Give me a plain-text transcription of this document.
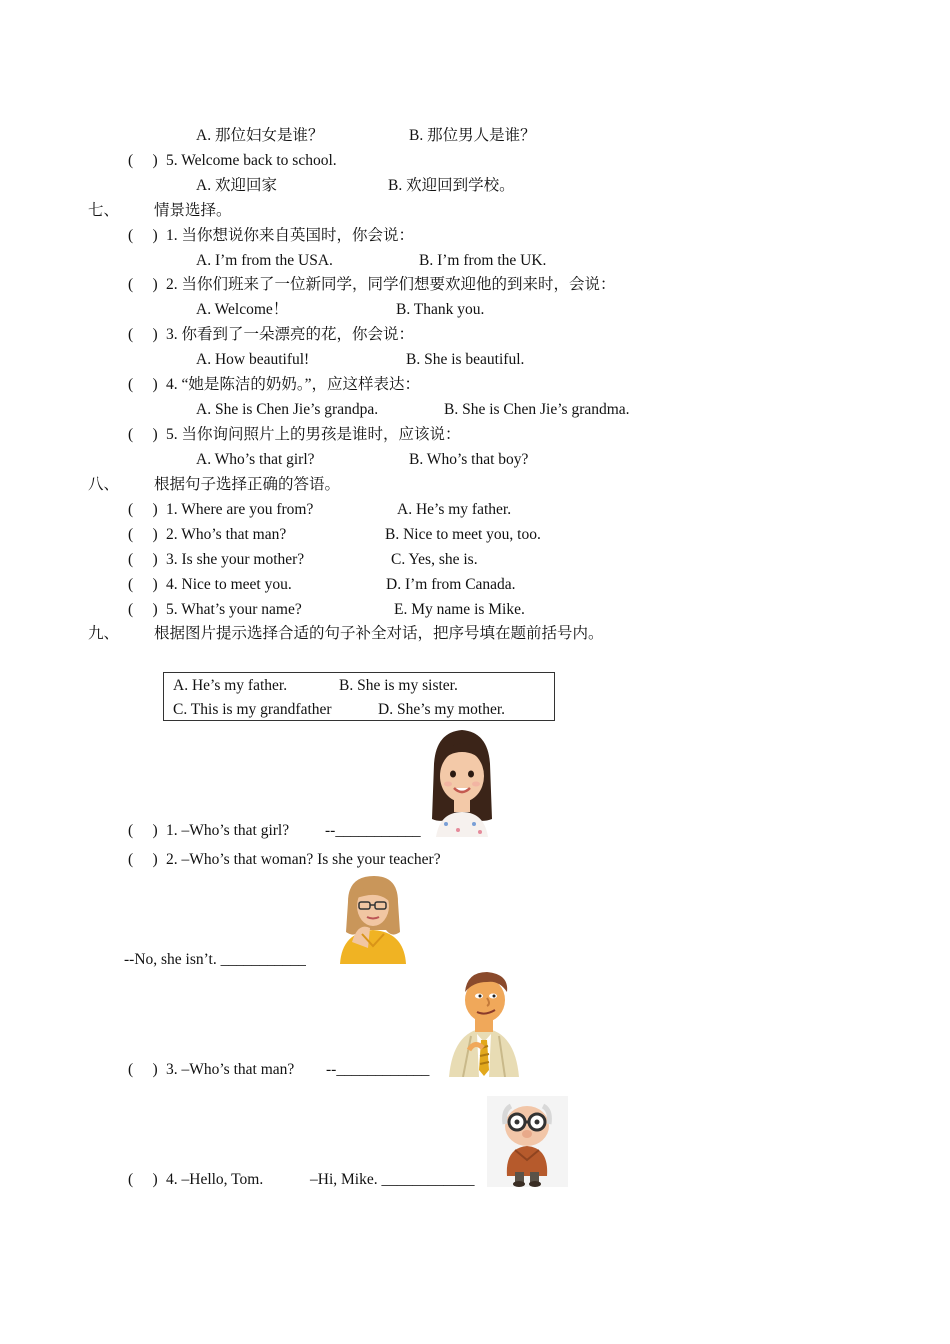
A. 那位妇女是谁？	B. 那位男人是谁？
(　 ) 5. Welcome back to school.
A. 欢迎回家	B. 欢迎回到学校。
七、 情景选择。
(　 ) 1. 当你想说你来自英国时，你会说：
A. I’m from the USA.	B. I’m from the UK.
(　 ) 2. 当你们班来了一位新同学，同学们想要欢迎他的到来时，会说：
A. Welcome！	B. Thank you.
(　 ) 3. 你看到了一朵漂亮的花，你会说：
A. How beautiful!	B. She is beautiful.
(　 ) 4. “她是陈洁的奶奶。”，应这样表达：
A. She is Chen Jie’s grandpa.	B. She is Chen Jie’s grandma.
(　 ) 5. 当你询问照片上的男孩是谁时，应该说：
A. Who’s that girl?	B. Who’s that boy?
八、 根据句子选择正确的答语。
(　 ) 1. Where are you from?	A. He’s my father.
(　 ) 2. Who’s that man?	B. Nice to meet you, too.
(　 ) 3. Is she your mother?	C. Yes, she is.
(　 ) 4. Nice to meet you.	D. I’m from Canada.
(　 ) 5. What’s your name?	E. My name is Mike.
九、 根据图片提示选择合适的句子补全对话，把序号填在题前括号内。
A. He’s my father.	B. She is my sister.
C. This is my grandfather	D. She’s my mother.
(　 ) 1. –Who’s that girl? --___________
(　 ) 2. –Who’s that woman? Is she your teacher?
--No, she isn’t. ___________
(　 ) 3. –Who’s that man? --____________
(　 ) 4. –Hello, Tom.	–Hi, Mike. ____________
